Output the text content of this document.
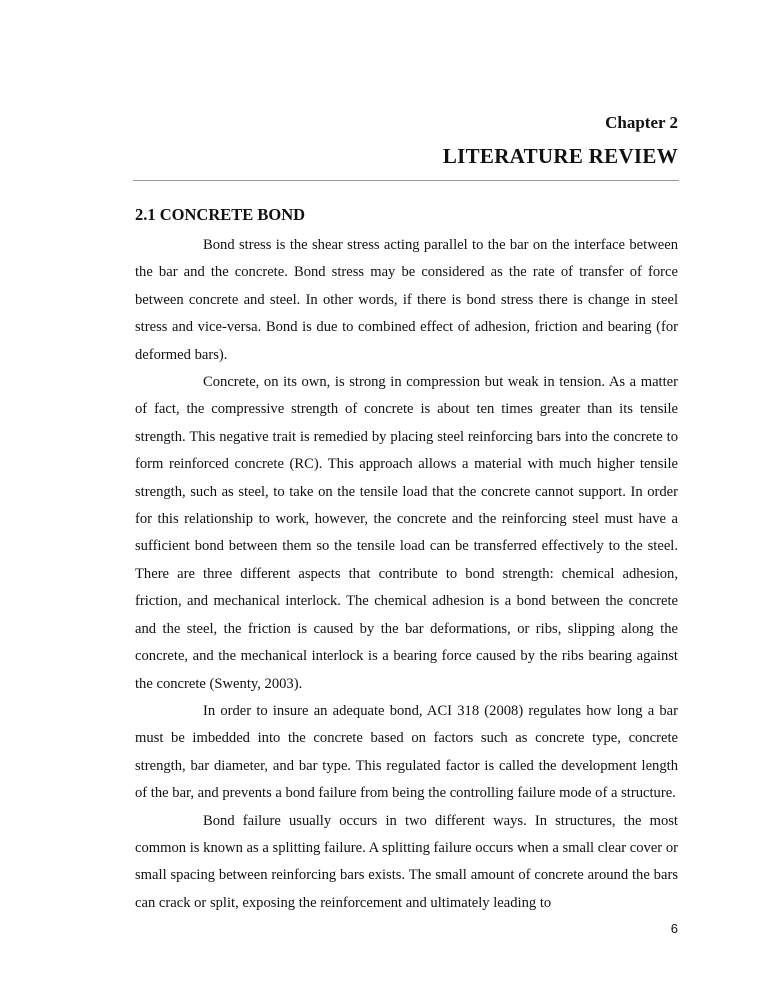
Chapter 2
LITERATURE REVIEW
2.1 CONCRETE BOND

Bond stress is the shear stress acting parallel to the bar on the interface between the bar and the concrete. Bond stress may be considered as the rate of transfer of force between concrete and steel. In other words, if there is bond stress there is change in steel stress and vice-versa. Bond is due to combined effect of adhesion, friction and bearing (for deformed bars).

Concrete, on its own, is strong in compression but weak in tension. As a matter of fact, the compressive strength of concrete is about ten times greater than its tensile strength. This negative trait is remedied by placing steel reinforcing bars into the concrete to form reinforced concrete (RC). This approach allows a material with much higher tensile strength, such as steel, to take on the tensile load that the concrete cannot support. In order for this relationship to work, however, the concrete and the reinforcing steel must have a sufficient bond between them so the tensile load can be transferred effectively to the steel. There are three different aspects that contribute to bond strength: chemical adhesion, friction, and mechanical interlock. The chemical adhesion is a bond between the concrete and the steel, the friction is caused by the bar deformations, or ribs, slipping along the concrete, and the mechanical interlock is a bearing force caused by the ribs bearing against the concrete (Swenty, 2003).

In order to insure an adequate bond, ACI 318 (2008) regulates how long a bar must be imbedded into the concrete based on factors such as concrete type, concrete strength, bar diameter, and bar type. This regulated factor is called the development length of the bar, and prevents a bond failure from being the controlling failure mode of a structure.

Bond failure usually occurs in two different ways. In structures, the most common is known as a splitting failure. A splitting failure occurs when a small clear cover or small spacing between reinforcing bars exists. The small amount of concrete around the bars can crack or split, exposing the reinforcement and ultimately leading to

6
